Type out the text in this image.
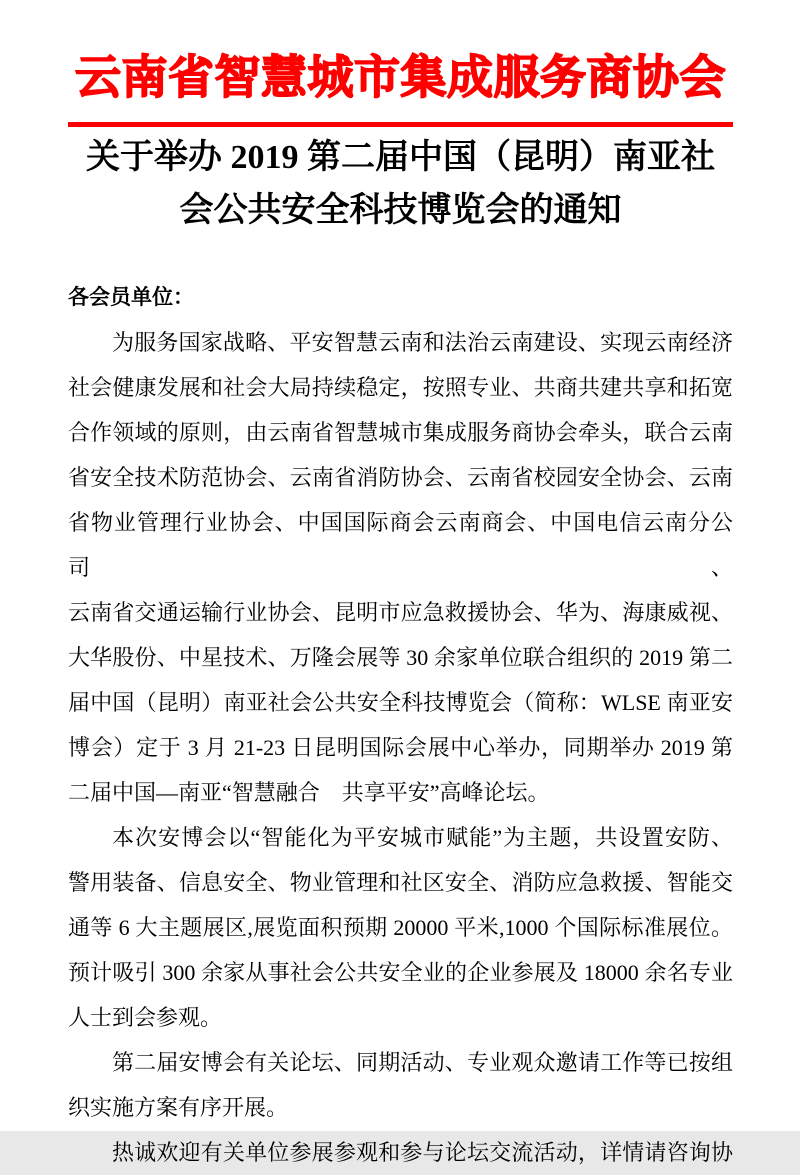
云南省智慧城市集成服务商协会
关于举办 2019 第二届中国（昆明）南亚社
会公共安全科技博览会的通知
各会员单位：
为服务国家战略、平安智慧云南和法治云南建设、实现云南经济
社会健康发展和社会大局持续稳定，按照专业、共商共建共享和拓宽
合作领域的原则，由云南省智慧城市集成服务商协会牵头，联合云南
省安全技术防范协会、云南省消防协会、云南省校园安全协会、云南
省物业管理行业协会、中国国际商会云南商会、中国电信云南分公司、
云南省交通运输行业协会、昆明市应急救援协会、华为、海康威视、
大华股份、中星技术、万隆会展等 30 余家单位联合组织的 2019 第二
届中国（昆明）南亚社会公共安全科技博览会（简称：WLSE 南亚安
博会）定于 3 月 21-23 日昆明国际会展中心举办，同期举办 2019 第
二届中国—南亚“智慧融合　共享平安”高峰论坛。
本次安博会以“智能化为平安城市赋能”为主题，共设置安防、
警用装备、信息安全、物业管理和社区安全、消防应急救援、智能交
通等 6 大主题展区,展览面积预期 20000 平米,1000 个国际标准展位。
预计吸引 300 余家从事社会公共安全业的企业参展及 18000 余名专业
人士到会参观。
第二届安博会有关论坛、同期活动、专业观众邀请工作等已按组
织实施方案有序开展。
热诚欢迎有关单位参展参观和参与论坛交流活动，详情请咨询协
